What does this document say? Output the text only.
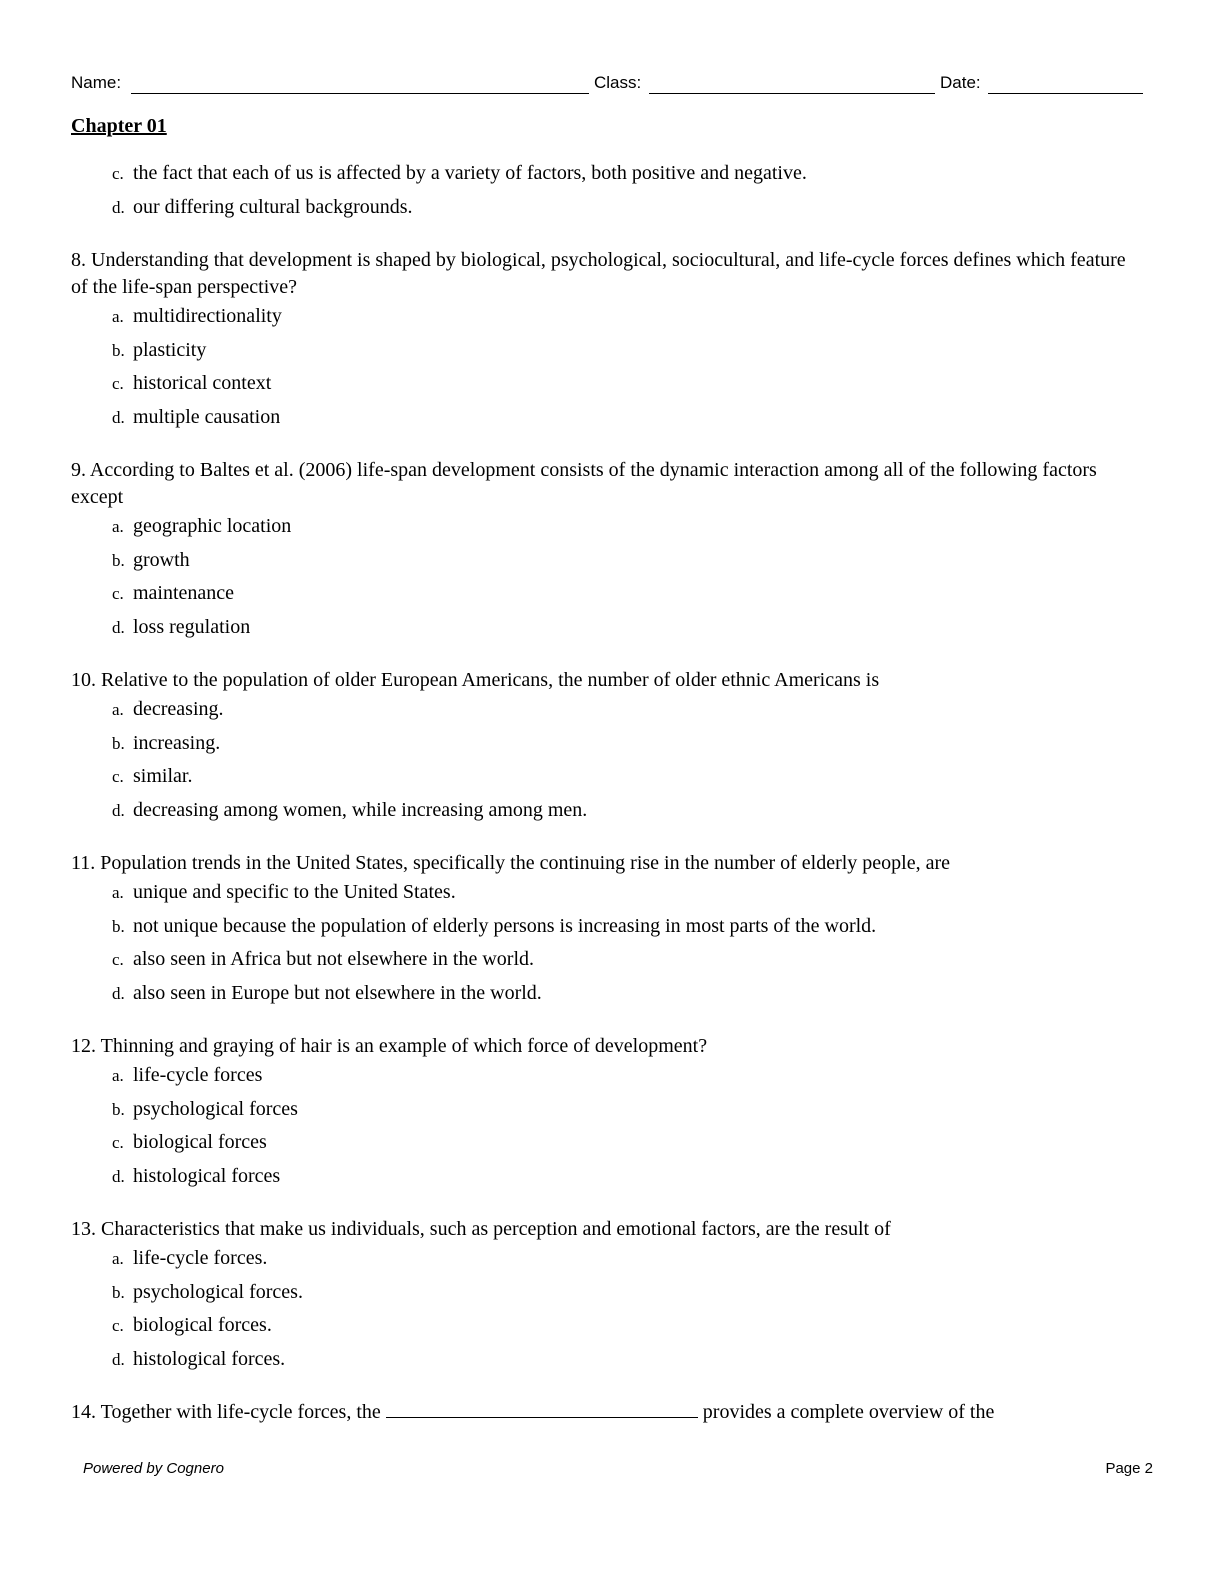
Name:	Class:	Date:
Chapter 01
c. the fact that each of us is affected by a variety of factors, both positive and negative.
d. our differing cultural backgrounds.
8. Understanding that development is shaped by biological, psychological, sociocultural, and life-cycle forces defines which feature of the life-span perspective?
a. multidirectionality
b. plasticity
c. historical context
d. multiple causation
9. According to Baltes et al. (2006) life-span development consists of the dynamic interaction among all of the following factors except
a. geographic location
b. growth
c. maintenance
d. loss regulation
10. Relative to the population of older European Americans, the number of older ethnic Americans is
a. decreasing.
b. increasing.
c. similar.
d. decreasing among women, while increasing among men.
11. Population trends in the United States, specifically the continuing rise in the number of elderly people, are
a. unique and specific to the United States.
b. not unique because the population of elderly persons is increasing in most parts of the world.
c. also seen in Africa but not elsewhere in the world.
d. also seen in Europe but not elsewhere in the world.
12. Thinning and graying of hair is an example of which force of development?
a. life-cycle forces
b. psychological forces
c. biological forces
d. histological forces
13. Characteristics that make us individuals, such as perception and emotional factors, are the result of
a. life-cycle forces.
b. psychological forces.
c. biological forces.
d. histological forces.
14. Together with life-cycle forces, the	provides a complete overview of the
Powered by Cognero	Page 2
